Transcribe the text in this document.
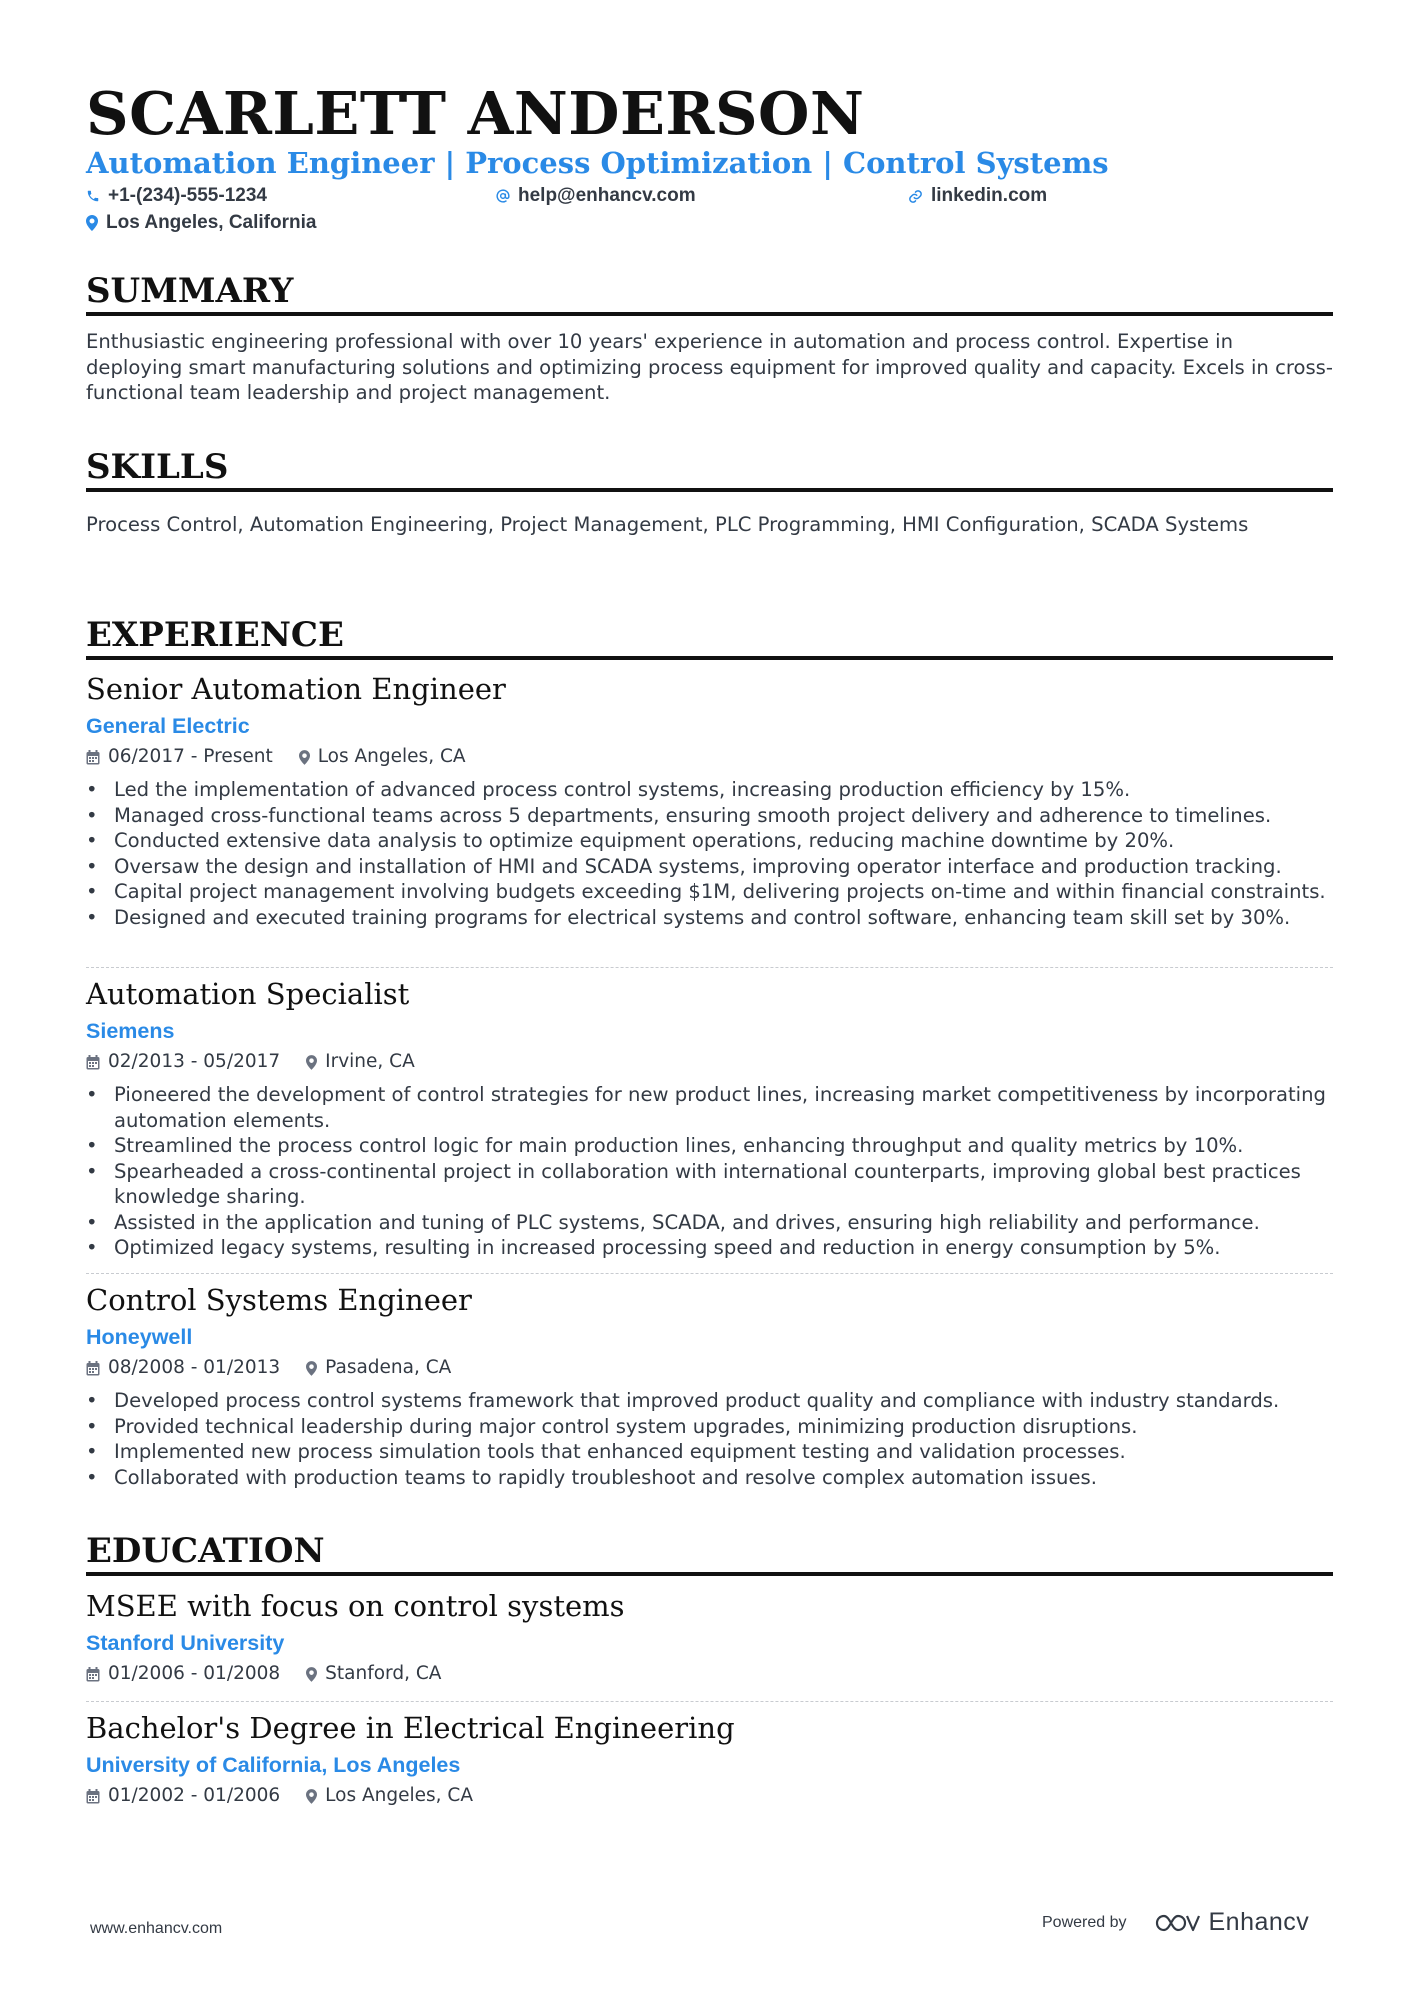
SCARLETT ANDERSON
Automation Engineer | Process Optimization | Control Systems
+1-(234)-555-1234	help@enhancv.com	linkedin.com
Los Angeles, California
SUMMARY
Enthusiastic engineering professional with over 10 years' experience in automation and process control. Expertise in deploying smart manufacturing solutions and optimizing process equipment for improved quality and capacity. Excels in cross-functional team leadership and project management.
SKILLS
Process Control, Automation Engineering, Project Management, PLC Programming, HMI Configuration, SCADA Systems
EXPERIENCE
Senior Automation Engineer
General Electric
06/2017 - Present Los Angeles, CA
• Led the implementation of advanced process control systems, increasing production efficiency by 15%.
• Managed cross-functional teams across 5 departments, ensuring smooth project delivery and adherence to timelines.
• Conducted extensive data analysis to optimize equipment operations, reducing machine downtime by 20%.
• Oversaw the design and installation of HMI and SCADA systems, improving operator interface and production tracking.
• Capital project management involving budgets exceeding $1M, delivering projects on-time and within financial constraints.
• Designed and executed training programs for electrical systems and control software, enhancing team skill set by 30%.
Automation Specialist
Siemens
02/2013 - 05/2017 Irvine, CA
• Pioneered the development of control strategies for new product lines, increasing market competitiveness by incorporating automation elements.
• Streamlined the process control logic for main production lines, enhancing throughput and quality metrics by 10%.
• Spearheaded a cross-continental project in collaboration with international counterparts, improving global best practices knowledge sharing.
• Assisted in the application and tuning of PLC systems, SCADA, and drives, ensuring high reliability and performance.
• Optimized legacy systems, resulting in increased processing speed and reduction in energy consumption by 5%.
Control Systems Engineer
Honeywell
08/2008 - 01/2013 Pasadena, CA
• Developed process control systems framework that improved product quality and compliance with industry standards.
• Provided technical leadership during major control system upgrades, minimizing production disruptions.
• Implemented new process simulation tools that enhanced equipment testing and validation processes.
• Collaborated with production teams to rapidly troubleshoot and resolve complex automation issues.
EDUCATION
MSEE with focus on control systems
Stanford University
01/2006 - 01/2008 Stanford, CA
Bachelor's Degree in Electrical Engineering
University of California, Los Angeles
01/2002 - 01/2006 Los Angeles, CA
www.enhancv.com	Powered by	Enhancv
